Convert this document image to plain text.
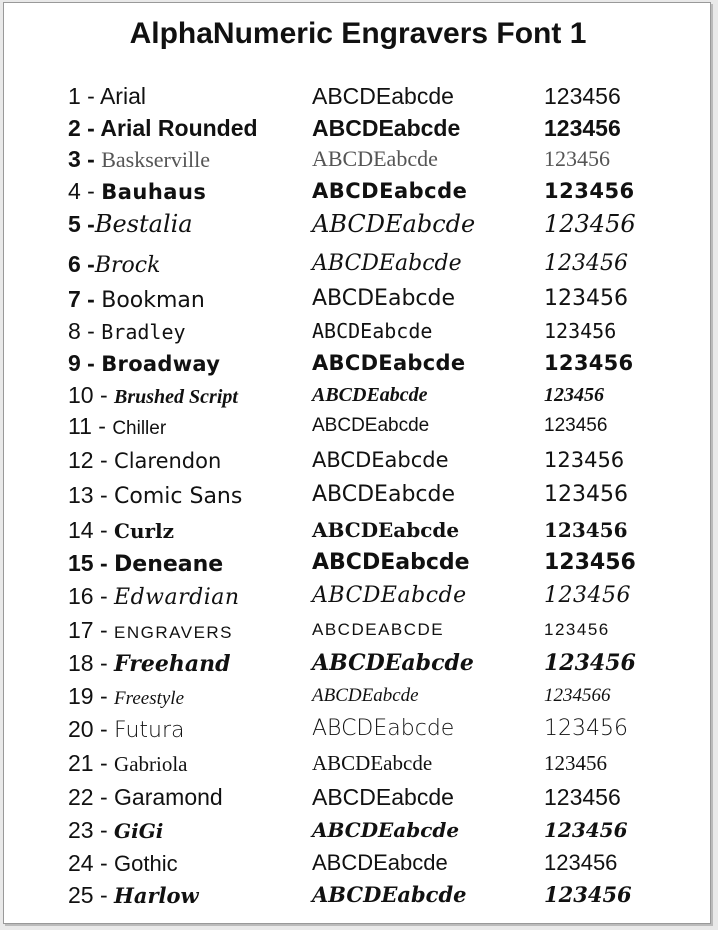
AlphaNumeric Engravers Font 1
1 - Arial	ABCDEabcde	123456
2 - Arial Rounded	ABCDEabcde	123456
3 - Baskserville	ABCDEabcde	123456
4 - Bauhaus	ABCDEabcde	123456
5 -Bestalia	ABCDEabcde	123456
6 -Brock	ABCDEabcde	123456
7 - Bookman	ABCDEabcde	123456
8 - Bradley	ABCDEabcde	123456
9 - Broadway	ABCDEabcde	123456
10 - Brushed Script	ABCDEabcde	123456
11 - Chiller	ABCDEabcde	123456
12 - Clarendon	ABCDEabcde	123456
13 - Comic Sans	ABCDEabcde	123456
14 - Curlz	ABCDEabcde	123456
15 - Deneane	ABCDEabcde	123456
16 - Edwardian	ABCDEabcde	123456
17 - ENGRAVERS	ABCDEABCDE	123456
18 - Freehand	ABCDEabcde	123456
19 - Freestyle	ABCDEabcde	1234566
20 - Futura	ABCDEabcde	123456
21 - Gabriola	ABCDEabcde	123456
22 - Garamond	ABCDEabcde	123456
23 - GiGi	ABCDEabcde	123456
24 - Gothic	ABCDEabcde	123456
25 - Harlow	ABCDEabcde	123456
